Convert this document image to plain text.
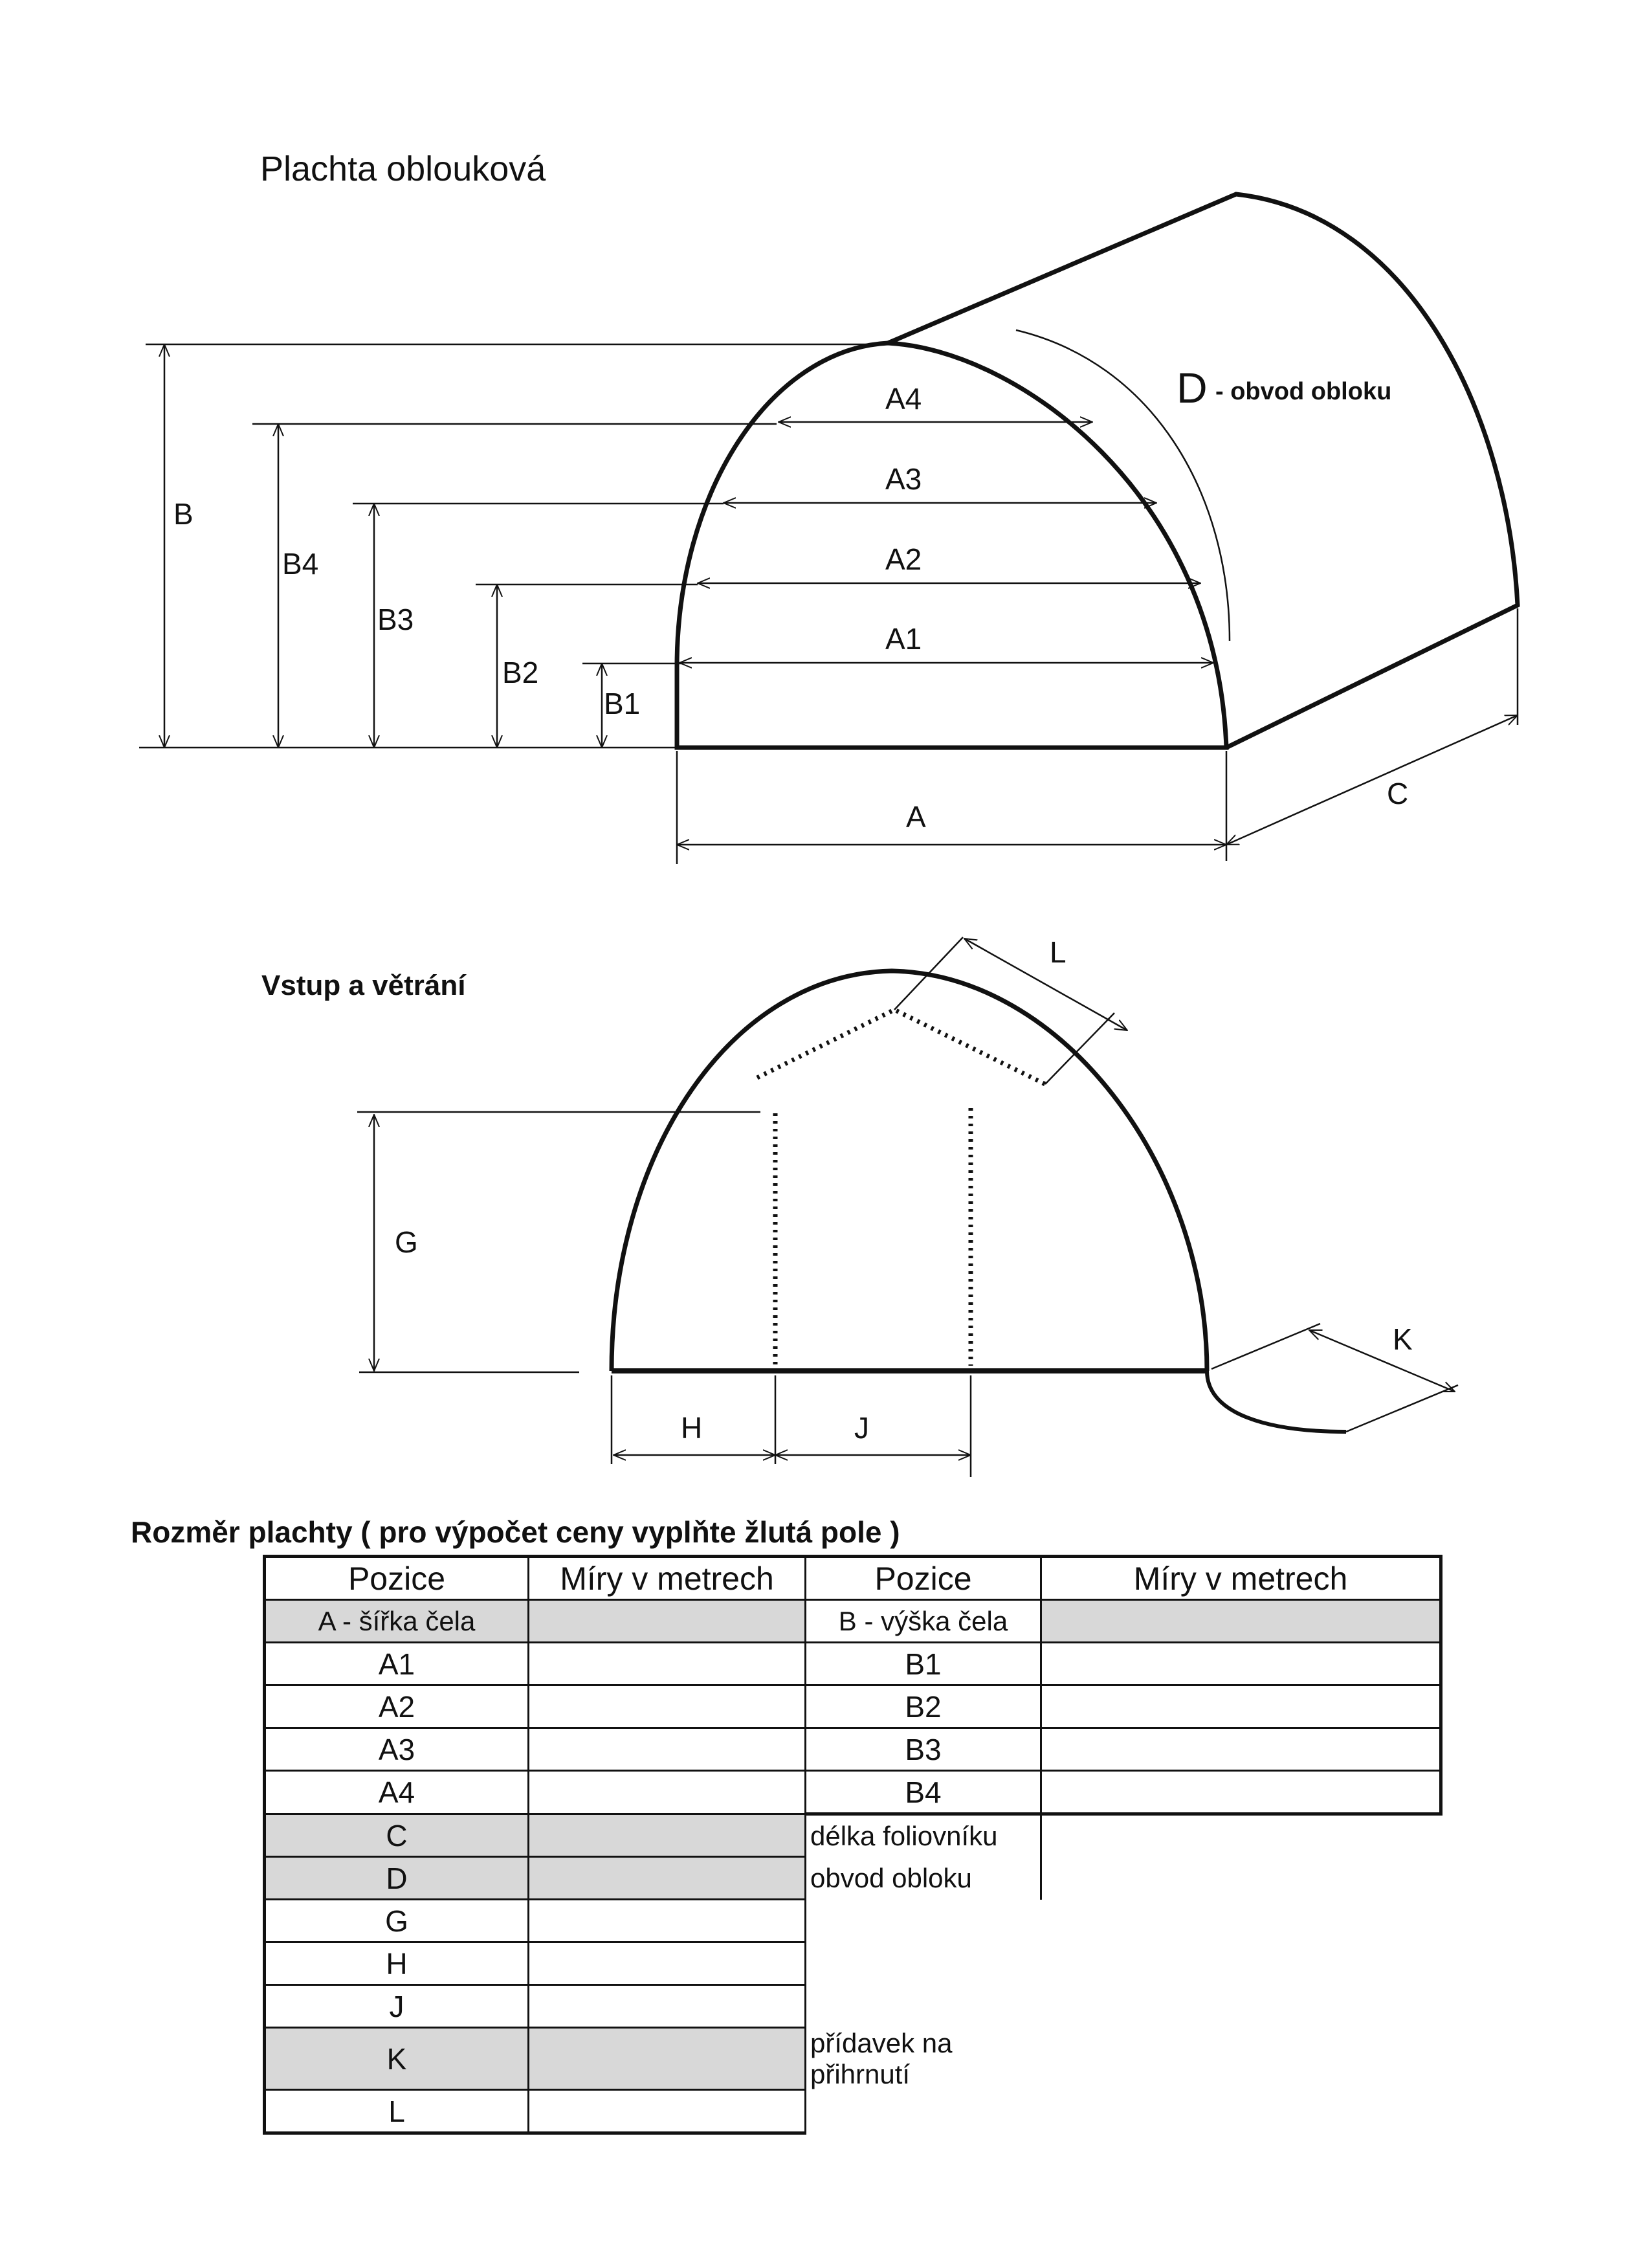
Plachta oblouková
Vstup a větrání
Rozměr plachty ( pro výpočet ceny vyplňte žlutá pole )
B
B4
B3
B2
B1
A4
A3
A2
A1
A
C
D - obvod obloku
L
G
H	J
K
Pozice	Míry v metrech	Pozice	Míry v metrech
A - šířka čela		B - výška čela	
A1		B1	
A2		B2	
A3		B3	
A4		B4	
C		délka foliovníku	
D		obvod obloku	
G			
H			
J			
K		přídavek na přihrnutí	
L			
